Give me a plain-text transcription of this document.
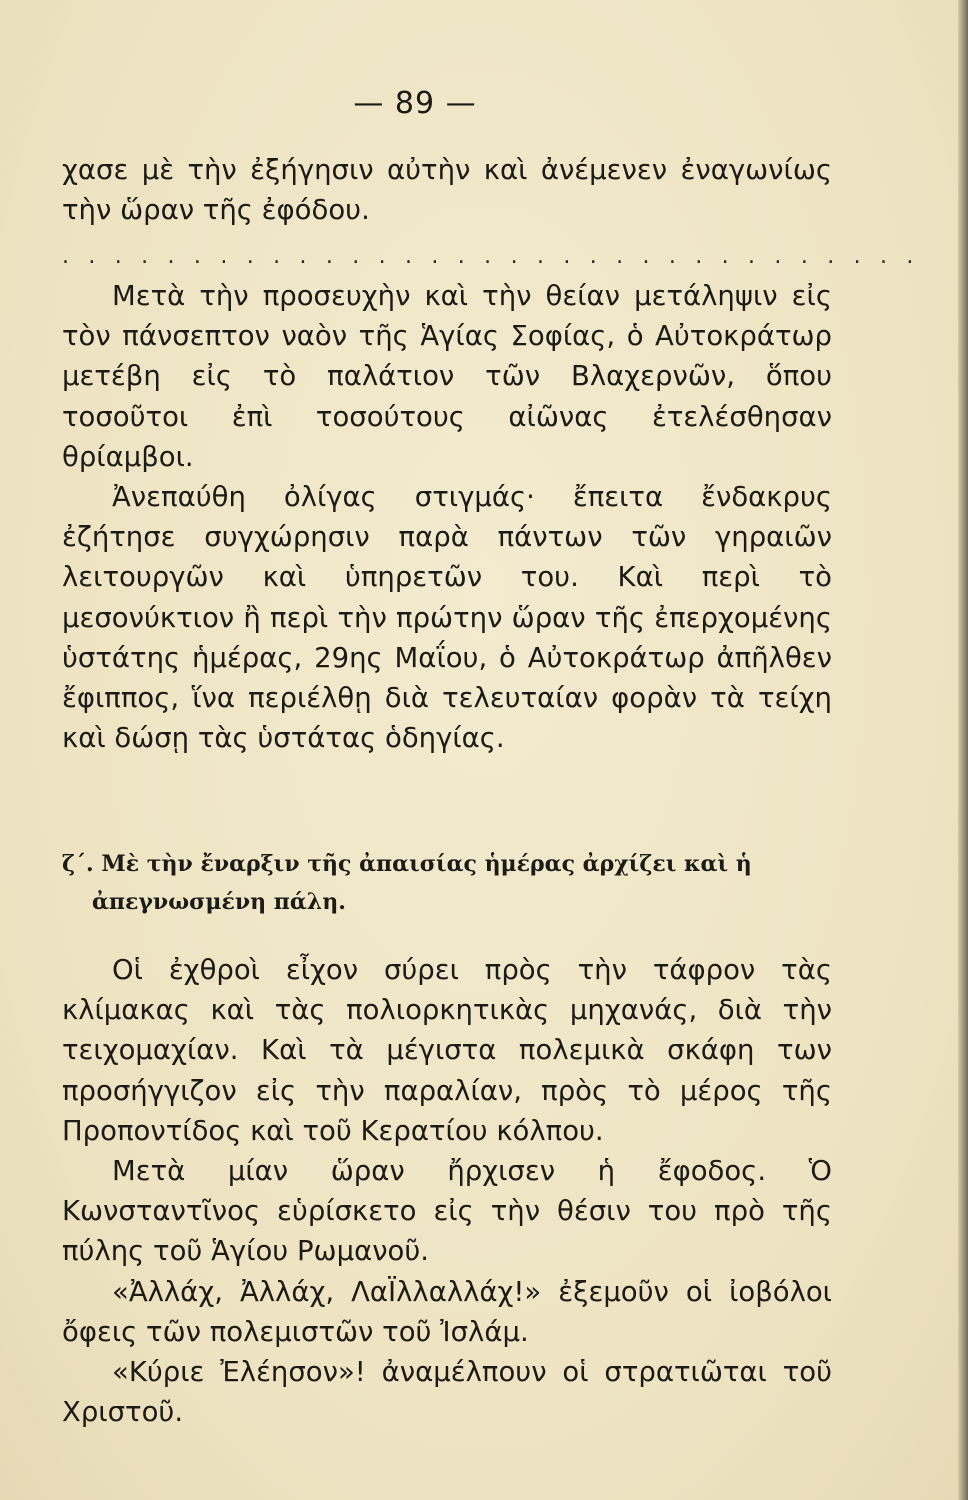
— 89 —

χασε μὲ τὴν ἐξήγησιν αὐτὴν καὶ ἀνέμενεν ἐναγωνίως τὴν ὥραν τῆς ἐφόδου.

. . . . . . . . . . . . . . . . . . . . . . . . . . . . . . . . .

Μετὰ τὴν προσευχὴν καὶ τὴν θείαν μετάληψιν εἰς τὸν πάνσεπτον ναὸν τῆς Ἁγίας Σοφίας, ὁ Αὐτοκράτωρ μετέβη εἰς τὸ παλάτιον τῶν Βλαχερνῶν, ὅπου τοσοῦτοι ἐπὶ τοσούτους αἰῶνας ἐτελέσθησαν θρίαμβοι.

Ἀνεπαύθη ὀλίγας στιγμάς· ἔπειτα ἔνδακρυς ἐζήτησε συγχώρησιν παρὰ πάντων τῶν γηραιῶν λειτουργῶν καὶ ὑπηρετῶν του. Καὶ περὶ τὸ μεσονύκτιον ἢ περὶ τὴν πρώτην ὥραν τῆς ἐπερχομένης ὑστάτης ἡμέρας, 29ης Μαΐου, ὁ Αὐτοκράτωρ ἀπῆλθεν ἔφιππος, ἵνα περιέλθῃ διὰ τελευταίαν φορὰν τὰ τείχη καὶ δώσῃ τὰς ὑστάτας ὁδηγίας.

ζ΄. Μὲ τὴν ἔναρξιν τῆς ἀπαισίας ἡμέρας ἀρχίζει καὶ ἡ
ἀπεγνωσμένη πάλη.

Οἱ ἐχθροὶ εἶχον σύρει πρὸς τὴν τάφρον τὰς κλίμακας καὶ τὰς πολιορκητικὰς μηχανάς, διὰ τὴν τειχομαχίαν. Καὶ τὰ μέγιστα πολεμικὰ σκάφη των προσήγγιζον εἰς τὴν παραλίαν, πρὸς τὸ μέρος τῆς Προποντίδος καὶ τοῦ Κερατίου κόλπου.

Μετὰ μίαν ὥραν ἤρχισεν ἡ ἔφοδος. Ὁ Κωνσταντῖνος εὑρίσκετο εἰς τὴν θέσιν του πρὸ τῆς πύλης τοῦ Ἁγίου Ρωμανοῦ.

«Ἀλλάχ, Ἀλλάχ, ΛαΪλλαλλάχ!» ἐξεμοῦν οἱ ἰοβόλοι ὄφεις τῶν πολεμιστῶν τοῦ Ἰσλάμ.

«Κύριε Ἐλέησον»! ἀναμέλπουν οἱ στρατιῶται τοῦ Χριστοῦ.
